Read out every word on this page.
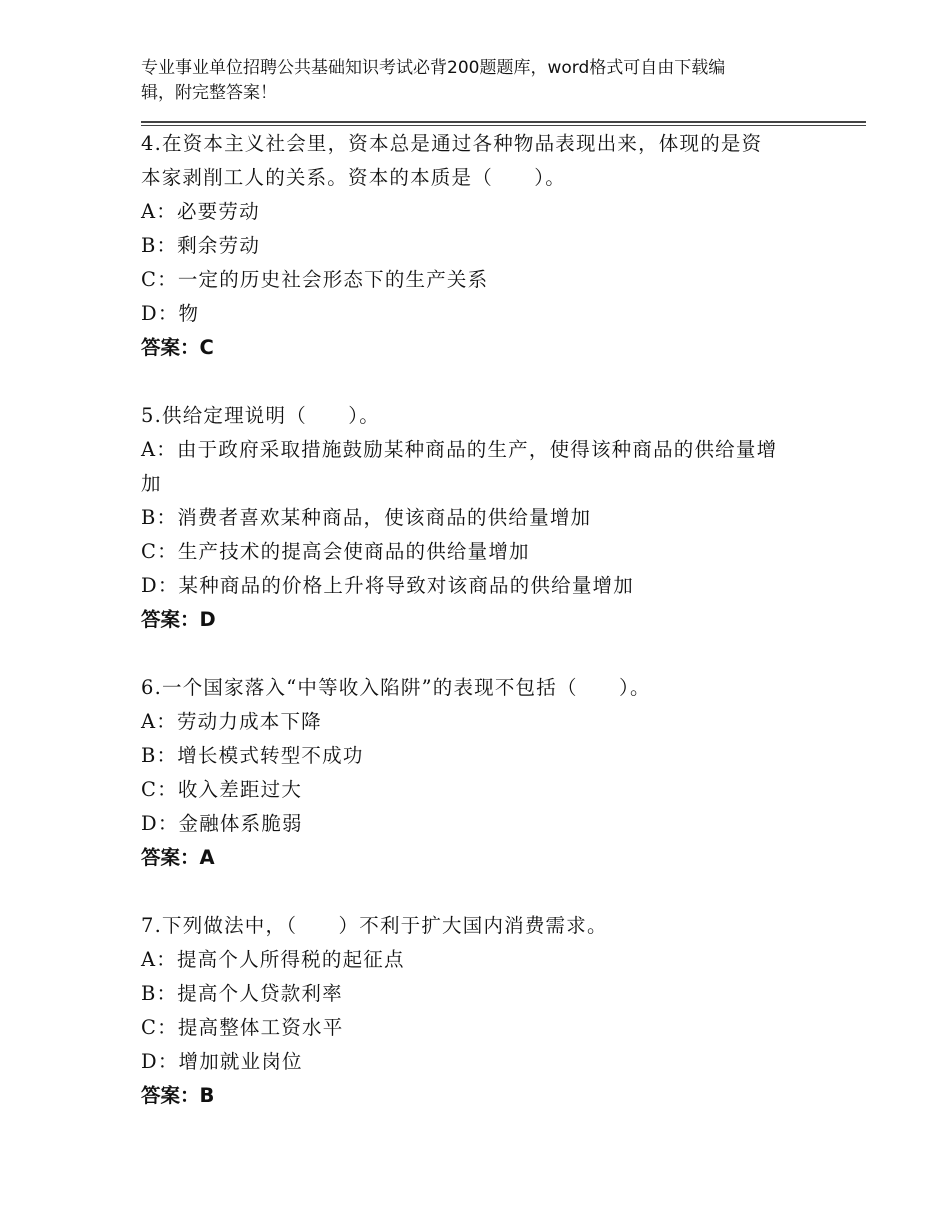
专业事业单位招聘公共基础知识考试必背200题题库，word格式可自由下载编
辑，附完整答案！
4.在资本主义社会里，资本总是通过各种物品表现出来，体现的是资
本家剥削工人的关系。资本的本质是（　　）。
A：必要劳动
B：剩余劳动
C：一定的历史社会形态下的生产关系
D：物
答案：C
5.供给定理说明（　　）。
A：由于政府采取措施鼓励某种商品的生产，使得该种商品的供给量增
加
B：消费者喜欢某种商品，使该商品的供给量增加
C：生产技术的提高会使商品的供给量增加
D：某种商品的价格上升将导致对该商品的供给量增加
答案：D
6.一个国家落入“中等收入陷阱”的表现不包括（　　）。
A：劳动力成本下降
B：增长模式转型不成功
C：收入差距过大
D：金融体系脆弱
答案：A
7.下列做法中，（　　）不利于扩大国内消费需求。
A：提高个人所得税的起征点
B：提高个人贷款利率
C：提高整体工资水平
D：增加就业岗位
答案：B
